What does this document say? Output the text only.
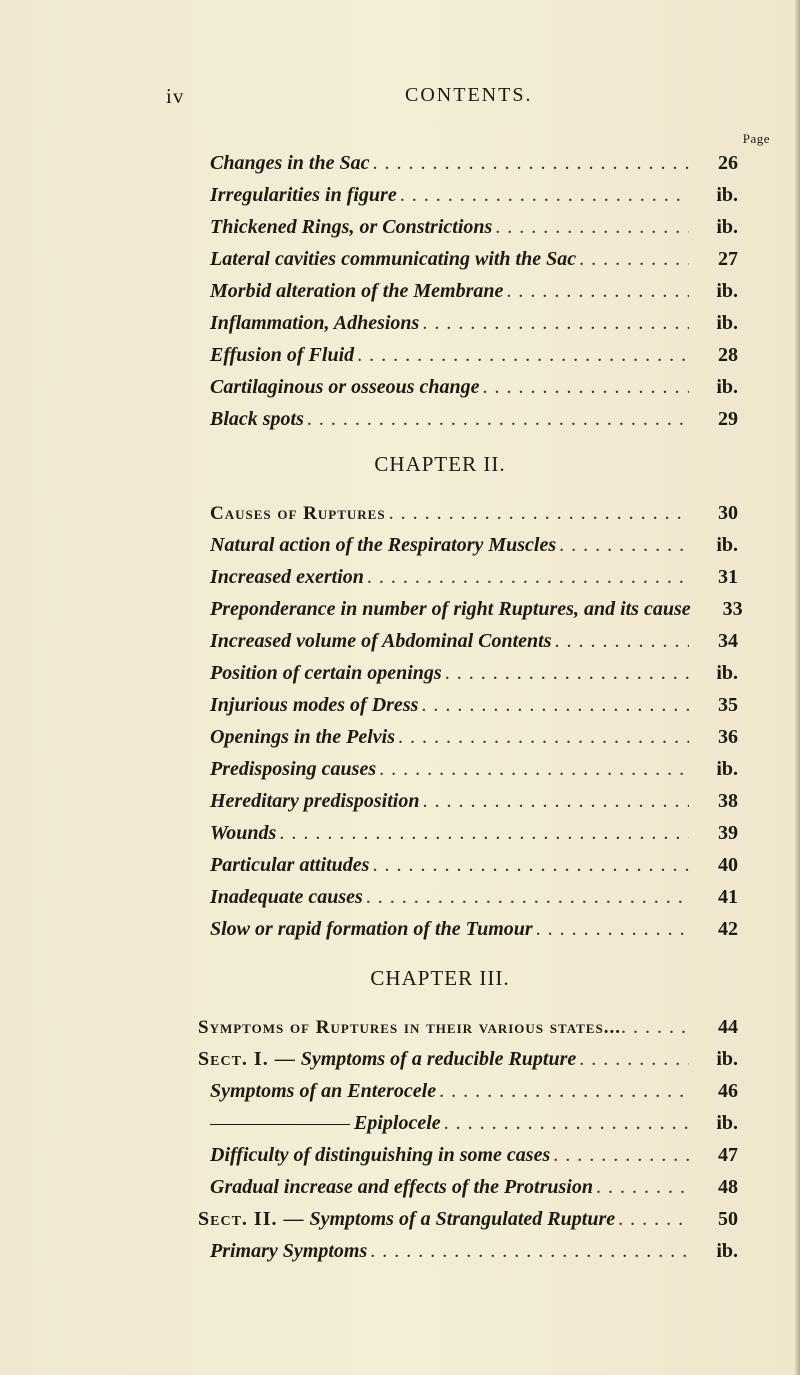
iv	CONTENTS.
Page
Changes in the Sac . . .	26
Irregularities in figure . . .	ib.
Thickened Rings, or Constrictions . . .	ib.
Lateral cavities communicating with the Sac . . .	27
Morbid alteration of the Membrane . . .	ib.
Inflammation, Adhesions . . .	ib.
Effusion of Fluid . . .	28
Cartilaginous or osseous change . . .	ib.
Black spots . . .	29
CHAPTER II.
Causes of Ruptures . . .	30
Natural action of the Respiratory Muscles . . .	ib.
Increased exertion . . .	31
Preponderance in number of right Ruptures, and its cause	33
Increased volume of Abdominal Contents . . .	34
Position of certain openings . . .	ib.
Injurious modes of Dress . . .	35
Openings in the Pelvis . . .	36
Predisposing causes . . .	ib.
Hereditary predisposition . . .	38
Wounds . . .	39
Particular attitudes . . .	40
Inadequate causes . . .	41
Slow or rapid formation of the Tumour . . .	42
CHAPTER III.
Symptoms of Ruptures in their various states... . . .	44
Sect. I. — Symptoms of a reducible Rupture . . .	ib.
Symptoms of an Enterocele . . .	46
Epiplocele . . .	ib.
Difficulty of distinguishing in some cases . . .	47
Gradual increase and effects of the Protrusion . . .	48
Sect. II. — Symptoms of a Strangulated Rupture . . .	50
Primary Symptoms . . .	ib.
